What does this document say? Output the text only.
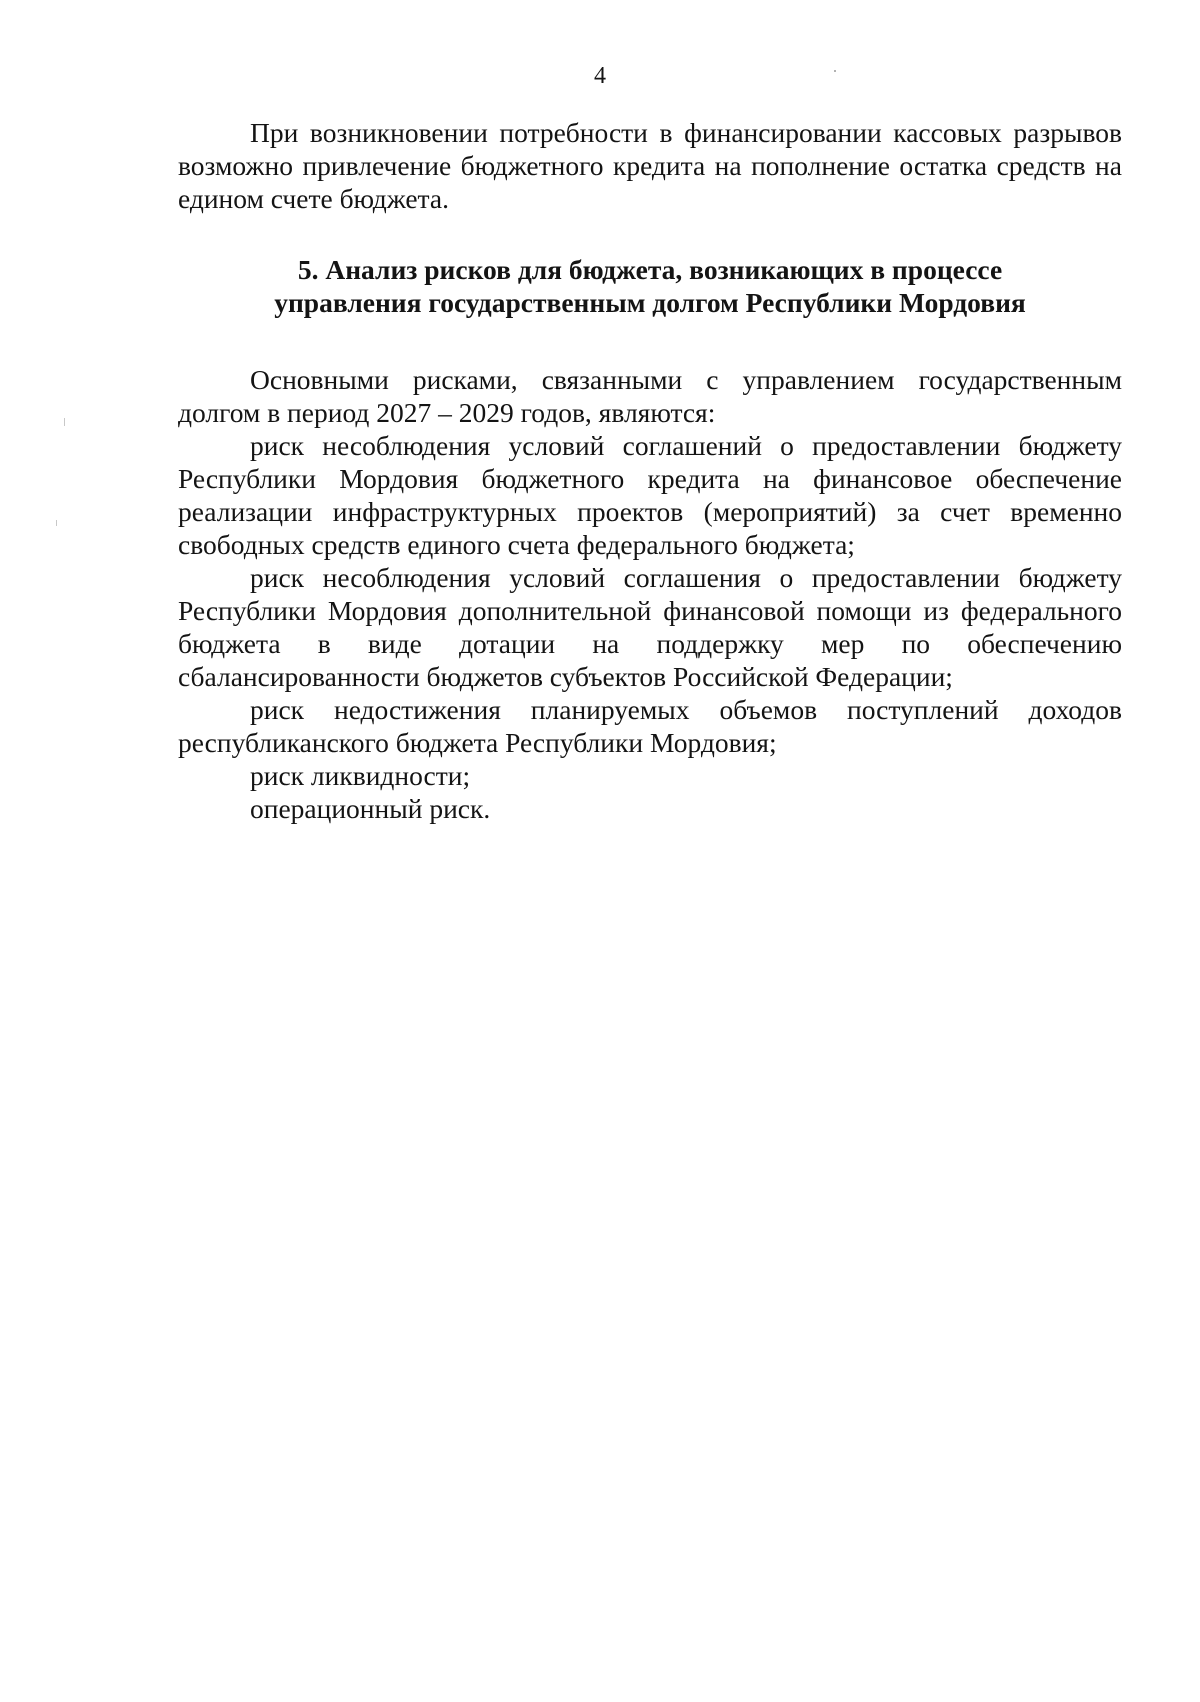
4

При возникновении потребности в финансировании кассовых разрывов возможно привлечение бюджетного кредита на пополнение остатка средств на едином счете бюджета.

5. Анализ рисков для бюджета, возникающих в процессе
управления государственным долгом Республики Мордовия

Основными рисками, связанными с управлением государственным долгом в период 2027 – 2029 годов, являются:

риск несоблюдения условий соглашений о предоставлении бюджету Республики Мордовия бюджетного кредита на финансовое обеспечение реализации инфраструктурных проектов (мероприятий) за счет временно свободных средств единого счета федерального бюджета;

риск несоблюдения условий соглашения о предоставлении бюджету Республики Мордовия дополнительной финансовой помощи из федерального бюджета в виде дотации на поддержку мер по обеспечению сбалансированности бюджетов субъектов Российской Федерации;

риск недостижения планируемых объемов поступлений доходов республиканского бюджета Республики Мордовия;

риск ликвидности;

операционный риск.
